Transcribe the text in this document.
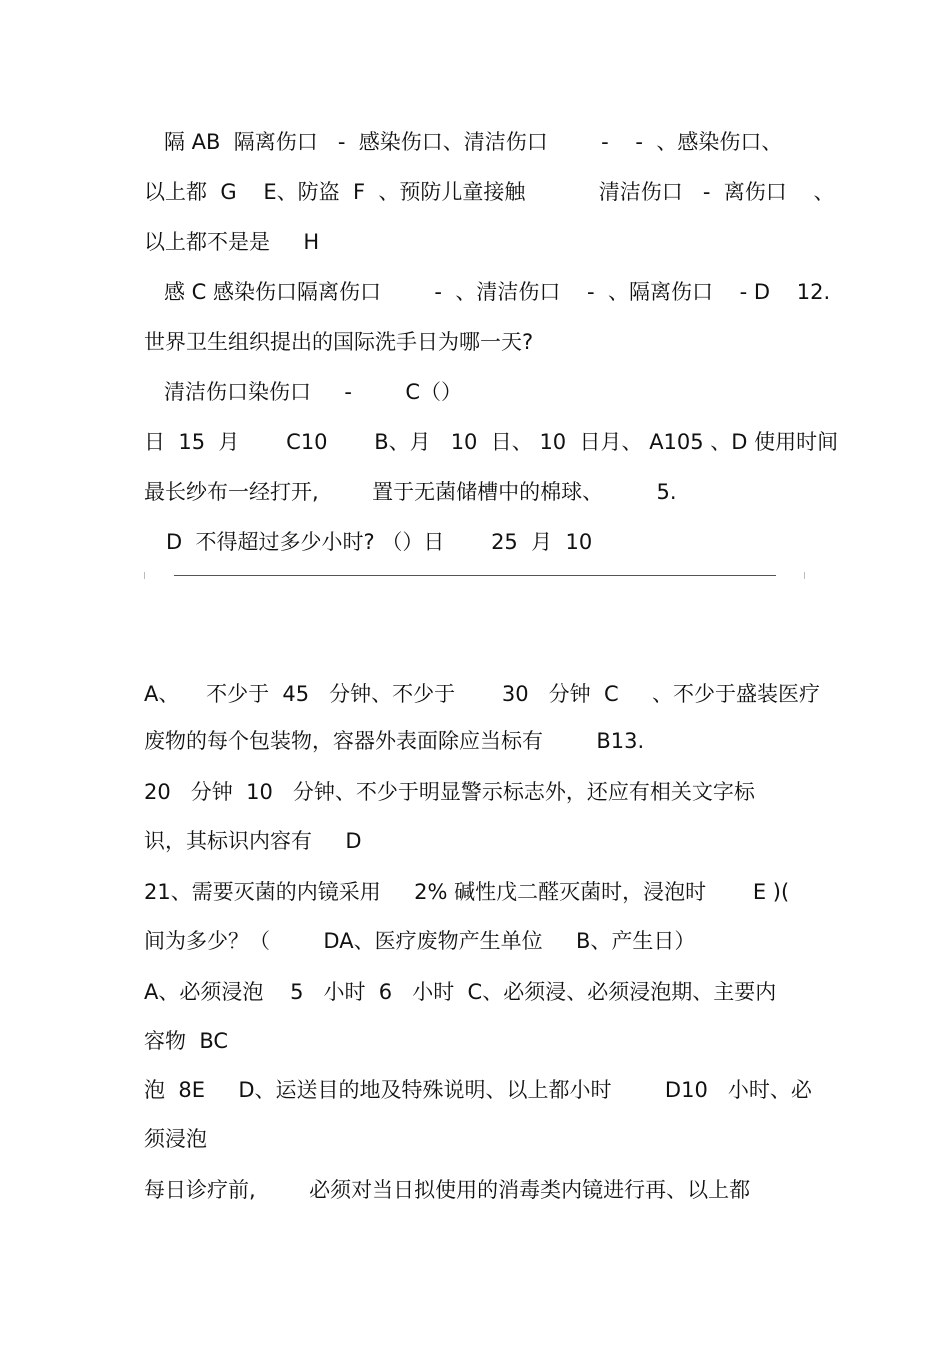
隔 AB  隔离伤口   -  感染伤口、清洁伤口        -    -  、感染伤口、
以上都  G    E、防盗  F  、预防儿童接触           清洁伤口   -  离伤口    、
以上都不是是     H
感 C 感染伤口隔离伤口        -  、清洁伤口    -  、隔离伤口    - D    12.
世界卫生组织提出的国际洗手日为哪一天?
清洁伤口染伤口     -        C（）
日  15  月       C10       B、月   10  日、 10  日月、 A105 、D 使用时间
最长纱布一经打开,        置于无菌储槽中的棉球、        5.
D  不得超过多少小时? （）日       25  月  10
A、    不少于  45   分钟、不少于       30   分钟  C     、不少于盛装医疗
废物的每个包装物，容器外表面除应当标有        B13.
20   分钟  10   分钟、不少于明显警示标志外，还应有相关文字标
识，其标识内容有     D
21、需要灭菌的内镜采用     2% 碱性戊二醛灭菌时，浸泡时       E )(
间为多少？（        DA、医疗废物产生单位     B、产生日）
A、必须浸泡    5   小时  6   小时  C、必须浸、必须浸泡期、主要内
容物  BC
泡  8E     D、运送目的地及特殊说明、以上都小时        D10   小时、必
须浸泡
每日诊疗前,        必须对当日拟使用的消毒类内镜进行再、以上都
